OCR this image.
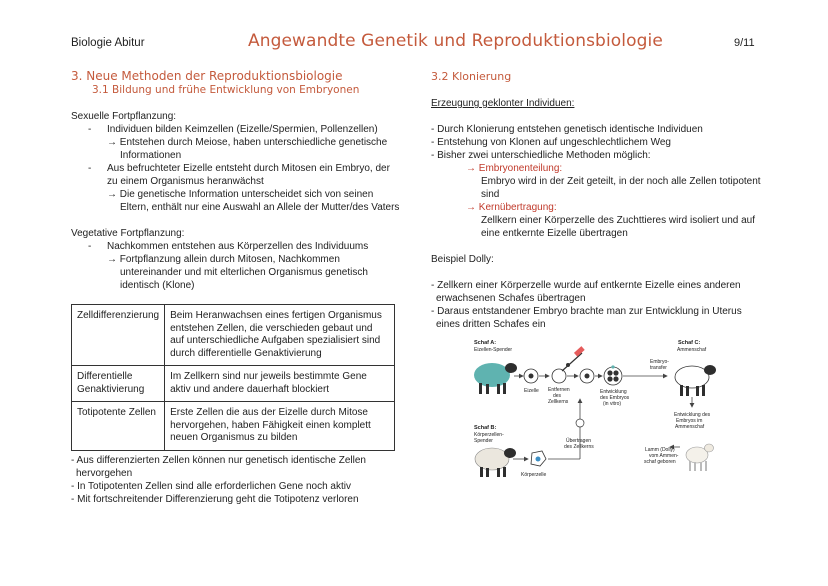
Biologie Abitur	Angewandte Genetik und Reproduktionsbiologie	9/11
3. Neue Methoden der Reproduktionsbiologie
3.1 Bildung und frühe Entwicklung von Embryonen
Sexuelle Fortpflanzung:
- Individuen bilden Keimzellen (Eizelle/Spermien, Pollenzellen)
→ Entstehen durch Meiose, haben unterschiedliche genetische
Informationen
- Aus befruchteter Eizelle entsteht durch Mitosen ein Embryo, der
zu einem Organismus heranwächst
→ Die genetische Information unterscheidet sich von seinen
Eltern, enthält nur eine Auswahl an Allele der Mutter/des Vaters
Vegetative Fortpflanzung:
- Nachkommen entstehen aus Körperzellen des Individuums
→ Fortpflanzung allein durch Mitosen, Nachkommen
untereinander und mit elterlichen Organismus genetisch
identisch (Klone)
Zelldifferenzierung	Beim Heranwachsen eines fertigen Organismus entstehen Zellen, die verschieden gebaut und auf unterschiedliche Aufgaben spezialisiert sind durch differentielle Genaktivierung
Differentielle
Genaktivierung	Im Zellkern sind nur jeweils bestimmte Gene aktiv und andere dauerhaft blockiert
Totipotente Zellen	Erste Zellen die aus der Eizelle durch Mitose hervorgehen, haben Fähigkeit einen komplett neuen Organismus zu bilden
- Aus differenzierten Zellen können nur genetisch identische Zellen
hervorgehen
- In Totipotenten Zellen sind alle erforderlichen Gene noch aktiv
- Mit fortschreitender Differenzierung geht die Totipotenz verloren
3.2 Klonierung
Erzeugung geklonter Individuen:
- Durch Klonierung entstehen genetisch identische Individuen
- Entstehung von Klonen auf ungeschlechtlichem Weg
- Bisher zwei unterschiedliche Methoden möglich:
→ Embryonenteilung:
Embryo wird in der Zeit geteilt, in der noch alle Zellen totipotent
sind
→ Kernübertragung:
Zellkern einer Körperzelle des Zuchttieres wird isoliert und auf
eine entkernte Eizelle übertragen
Beispiel Dolly:
- Zellkern einer Körperzelle wurde auf entkernte Eizelle eines anderen
erwachsenen Schafes übertragen
- Daraus entstandener Embryo brachte man zur Entwicklung in Uterus
eines dritten Schafes ein
Schaf A:
Eizellen-Spender
Eizelle Entfernen
des
Zellkerns
Entwicklung
des Embryos
(in vitro)
Embryo-
transfer
Schaf C:
Ammenschaf
Entwicklung des
Embryos im
Ammenschaf
Lamm (Dolly)
vom Ammen-
schaf geboren
Schaf B:
Körperzellen-
Spender
Körperzelle
Übertragen
des Zellkerns
